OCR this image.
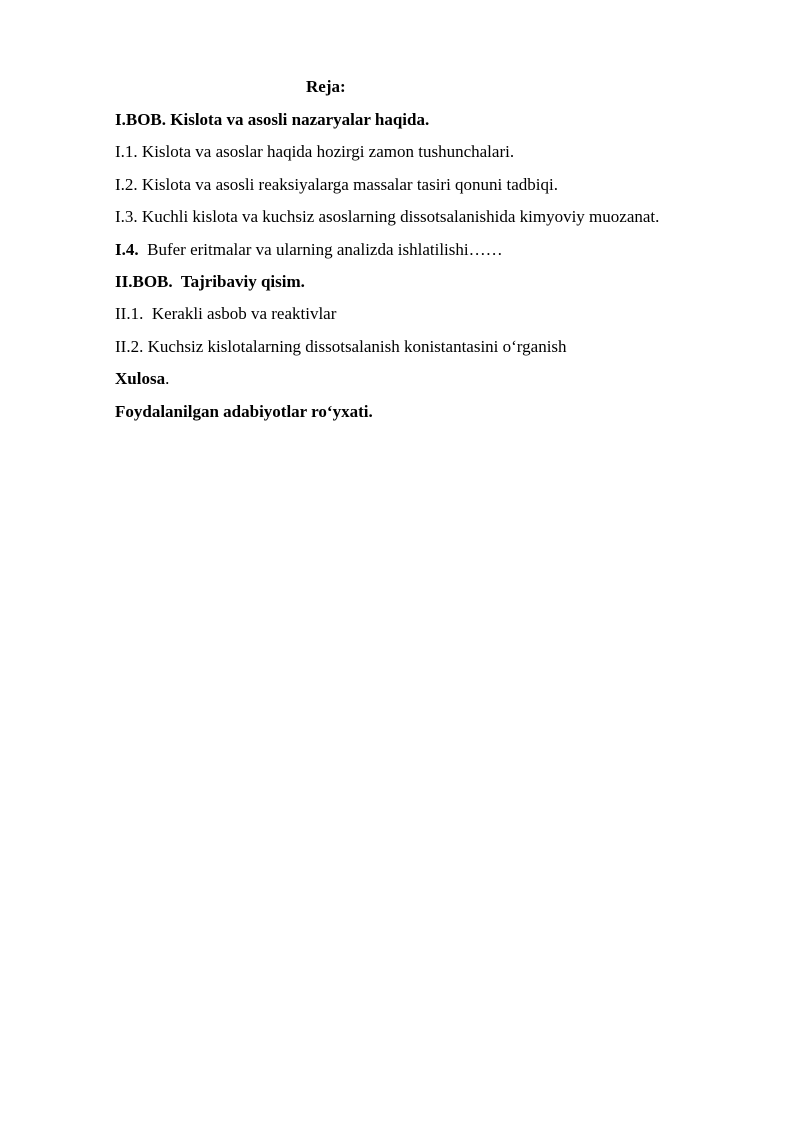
Reja:

I.BOB. Kislota va asosli nazaryalar haqida.
I.1. Kislota va asoslar haqida hozirgi zamon tushunchalari.
I.2. Kislota va asosli reaksiyalarga massalar tasiri qonuni tadbiqi.
I.3. Kuchli kislota va kuchsiz asoslarning dissotsalanishida kimyoviy muozanat.
I.4.  Bufer eritmalar va ularning analizda ishlatilishi……
II.BOB.  Tajribaviy qisim.
II.1.  Kerakli asbob va reaktivlar
II.2. Kuchsiz kislotalarning dissotsalanish konistantasini o‘rganish
Xulosa.
Foydalanilgan adabiyotlar ro‘yxati.
